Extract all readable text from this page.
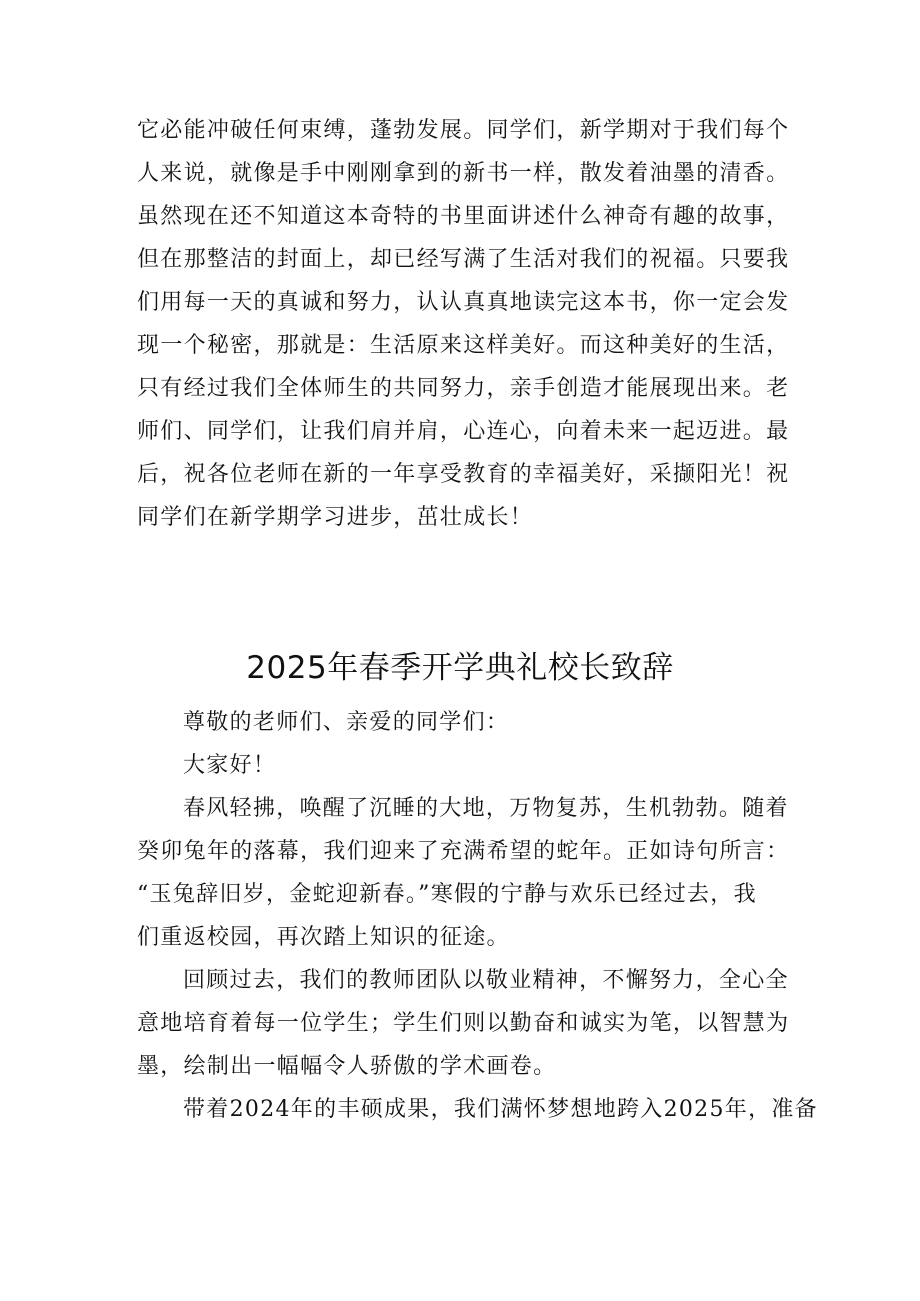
它必能冲破任何束缚，蓬勃发展。同学们，新学期对于我们每个
人来说，就像是手中刚刚拿到的新书一样，散发着油墨的清香。
虽然现在还不知道这本奇特的书里面讲述什么神奇有趣的故事，
但在那整洁的封面上，却已经写满了生活对我们的祝福。只要我
们用每一天的真诚和努力，认认真真地读完这本书，你一定会发
现一个秘密，那就是：生活原来这样美好。而这种美好的生活，
只有经过我们全体师生的共同努力，亲手创造才能展现出来。老
师们、同学们，让我们肩并肩，心连心，向着未来一起迈进。最
后，祝各位老师在新的一年享受教育的幸福美好，采撷阳光！祝
同学们在新学期学习进步，茁壮成长！
2025年春季开学典礼校长致辞
尊敬的老师们、亲爱的同学们：
大家好！
春风轻拂，唤醒了沉睡的大地，万物复苏，生机勃勃。随着
癸卯兔年的落幕，我们迎来了充满希望的蛇年。正如诗句所言：
“玉兔辞旧岁，金蛇迎新春。”寒假的宁静与欢乐已经过去，我
们重返校园，再次踏上知识的征途。
回顾过去，我们的教师团队以敬业精神，不懈努力，全心全
意地培育着每一位学生；学生们则以勤奋和诚实为笔，以智慧为
墨，绘制出一幅幅令人骄傲的学术画卷。
带着2024年的丰硕成果，我们满怀梦想地跨入2025年，准备
